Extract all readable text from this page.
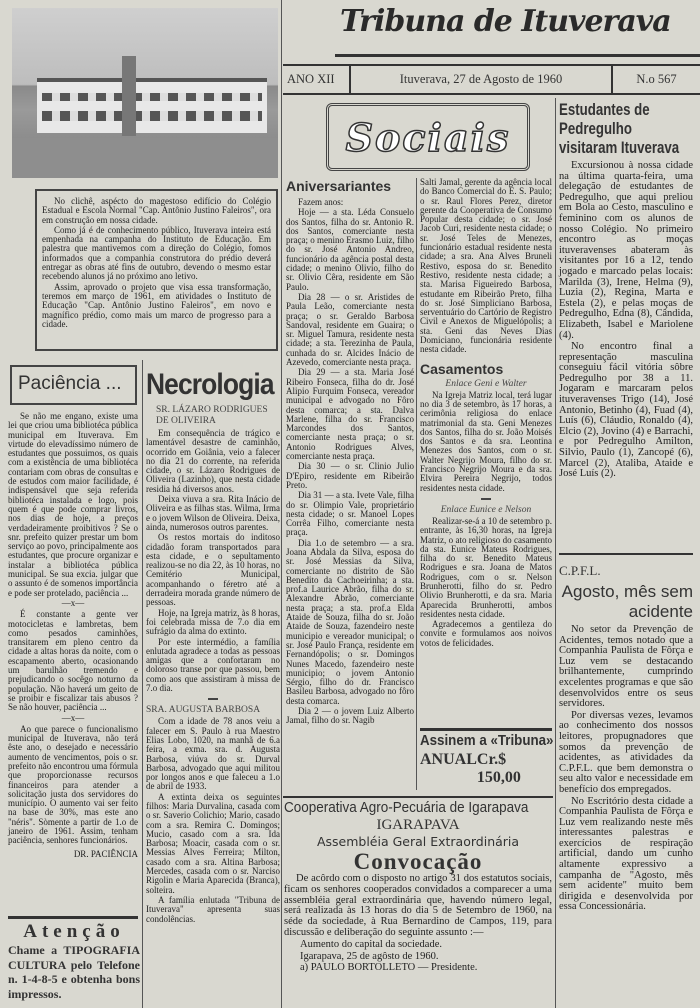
No clichê, aspécto do magestoso edifício do Colégio Estadual e Escola Normal "Cap. Antônio Justino Faleiros", ora em construção em nossa cidade.

Como já é de conhecimento público, Ituverava inteira está empenhada na campanha do Instituto de Educação. Em palestra que mantivemos com a direção do Colégio, fomos informados que a companhia construtora do prédio deverá entregar as obras até fins de outubro, devendo o mesmo estar recebendo alunos já no próximo ano letivo.

Assim, aprovado o projeto que visa essa transformação, teremos em março de 1961, em atividades o Instituto de Educação "Cap. Antônio Justino Faleiros", em novo e magnífico prédio, como mais um marco de progresso para a cidade.

Paciência ...

Se não me engano, existe uma lei que criou uma bibliotéca pública municipal em Ituverava. Em virtude do elevadíssimo número de estudantes que possuimos, os quais com a existência de uma bibliotéca contariam com obras de consultas e de estudos com maior facilidade, é indispensável que seja referida bibliotéca instalada e logo, pois quem é que pode comprar livros, nos dias de hoje, a preços verdadeiramente proibitivos ? Se o snr. prefeito quizer prestar um bom serviço ao povo, principalmente aos estudantes, que procure organizar e instalar a bibliotéca pública municipal. Se sua excia. julgar que o assunto é de somenos importância e pode ser protelado, paciência ...

—x—

É constante a gente ver motocicletas e lambretas, bem como pesados caminhões, transitarem em pleno centro da cidade a altas horas da noite, com o escapamento aberto, ocasionando um barulhão tremendo e prejudicando o socêgo noturno da população. Não haverá um geito de se proibir e fiscalizar tais abusos ? Se não houver, paciência ...

—x—

Ao que parece o funcionalismo municipal de Ituverava, não terá êste ano, o desejado e necessário aumento de vencimentos, pois o sr. prefeito não encontrou uma fórmula que proporcionasse recursos financeiros para atender a solicitação justa dos servidores do município. O aumento vai ser feito na base de 30%, mas este ano "néris". Sòmente a partir de 1.o de janeiro de 1961. Assim, tenham paciência, senhores funcionários.

DR. PACIÊNCIA

Atenção
Chame a TIPOGRAFIA CULTURA pelo Telefone n. 1-4-8-5 e obtenha bons impressos.
Necrologia
SR. LÁZARO RODRIGUES DE OLIVEIRA

Em consequência de trágico e lamentável desastre de caminhão, ocorrido em Goiânia, veio a falecer no dia 21 do corrente, na referida cidade, o sr. Lázaro Rodrigues de Oliveira (Lazinho), que nesta cidade residia há diversos anos.

Deixa viuva a sra. Rita Inácio de Oliveira e as filhas stas. Wilma, Irma e o jovem Wilson de Oliveira. Deixa, ainda, numerosos outros parentes.

Os restos mortais do inditoso cidadão foram transportados para esta cidade, e o sepultamento realizou-se no dia 22, às 10 horas, no Cemitério Municipal, acompanhando o féretro até a derradeira morada grande número de pessoas.

Hoje, na Igreja matriz, às 8 horas, foi celebrada missa de 7.o dia em sufrágio da alma do extinto.

Por este intermédio, a família enlutada agradece a todas as pessoas amigas que a confortaram no doloroso transe por que passou, bem como aos que assistiram à missa de 7.o dia.

SRA. AUGUSTA BARBOSA

Com a idade de 78 anos veiu a falecer em S. Paulo à rua Maestro Elias Lobo, 1020, na manhã de 6.a feira, a exma. sra. d. Augusta Barbosa, viúva do sr. Durval Barbosa, advogado que aqui militou por longos anos e que faleceu a 1.o de abril de 1933.

A extinta deixa os seguintes filhos: Maria Durvalina, casada com o sr. Saverio Colichio; Mario, casado com a sra. Remira C. Domingos; Mucio, casado com a sra. Ida Barbosa; Moacir, casada com o sr. Messias Alves Ferreira; Milton, casado com a sra. Altina Barbosa; Mercedes, casada com o sr. Narciso Rigolin e Maria Aparecida (Branca), solteira.

A família enlutada "Tribuna de Ituverava" apresenta suas condolências.

Tribuna de Ituverava
ANO XII	Ituverava, 27 de Agosto de 1960	N.o 567
Sociais
Aniversariantes

Fazem anos:

Hoje — a sta. Léda Consuelo dos Santos, filha do sr. Antonio R. dos Santos, comerciante nesta praça; o menino Erasmo Luiz, filho do sr. José Antonio Andreo, funcionário da agência postal desta cidade; o menino Olivio, filho do sr. Olivio Cêra, residente em São Paulo.

Dia 28 — o sr. Aristides de Paula Leão, comerciante nesta praça; o sr. Geraldo Barbosa Sandoval, residente em Guaira; o sr. Miguel Tamura, residente nesta cidade; a sta. Terezinha de Paula, cunhada do sr. Alcides Inácio de Azevedo, comerciante nesta praça.

Dia 29 — a sta. Maria José Ribeiro Fonseca, filha do dr. José Alipio Furquim Fonseca, vereador municipal e advogado no Fôro desta comarca; a sta. Dalva Marlene, filha do sr. Francisco Marcondes dos Santos, comerciante nesta praça; o sr. Antonio Rodrigues Alves, comerciante nesta praça.

Dia 30 — o sr. Clinio Julio D'Epiro, residente em Ribeirão Preto.

Dia 31 — a sta. Ivete Vale, filha do sr. Olimpio Vale, proprietário nesta cidade; o sr. Manoel Lopes Corrêa Filho, comerciante nesta praça.

Dia 1.o de setembro — a sra. Joana Abdala da Silva, esposa do sr. José Messias da Silva, comerciante no distrito de São Benedito da Cachoeirinha; a sta. prof.a Laurice Abrão, filha do sr. Alexandre Abrão, comerciante nesta praça; a sta. prof.a Elda Ataide de Souza, filha do sr. João Ataide de Souza, fazendeiro neste municipio e vereador municipal; o sr. José Paulo França, residente em Fernandópolis; o sr. Domingos Nunes Macedo, fazendeiro neste municipio; o jovem Antonio Sérgio, filho do dr. Francisco Basileu Barbosa, advogado no fôro desta comarca.

Dia 2 — o jovem Luiz Alberto Jamal, filho do sr. Nagib

Salti Jamal, gerente da agência local do Banco Comercial do E. S. Paulo; o sr. Raul Flores Perez, diretor gerente da Cooperativa de Consumo Popular desta cidade; o sr. José Jacob Curi, residente nesta cidade; o sr. José Teles de Menezes, funcionário estadual residente nesta cidade; a sra. Ana Alves Bruneli Restivo, esposa do sr. Benedito Restivo, residente nesta cidade; a sta. Marisa Figueiredo Barbosa, estudante em Ribeirão Preto, filha do sr. José Simpliciano Barbosa, serventuário do Cartório de Registro Civil e Anexos de Miguelópolis; a sta. Geni das Neves Dias Domiciano, funcionária residente nesta cidade.

Casamentos
Enlace Geni e Walter

Na Igreja Matriz local, terá lugar no dia 3 de setembro, às 17 horas, a cerimônia religiosa do enlace matrimonial da sta. Geni Menezes dos Santos, filha do sr. João Moisés dos Santos e da sra. Leontina Menezes dos Santos, com o sr. Walter Negrijo Moura, filho do sr. Francisco Negrijo Moura e da sra. Elvira Pereira Negrijo, todos residentes nesta cidade.

Enlace Eunice e Nelson

Realizar-se-á a 10 de setembro p. entrante, às 16,30 horas, na Igreja Matriz, o ato religioso do casamento da sta. Eunice Mateus Rodrigues, filha do sr. Benedito Mateus Rodrigues e sra. Joana de Matos Rodrigues, com o sr. Nelson Brunherotti, filho do sr. Pedro Olivio Brunherotti, e da sra. Maria Aparecida Brunherotti, ambos residentes nesta cidade.

Agradecemos a gentileza do convite e formulamos aos noivos votos de felicidades.

Assinem a «Tribuna»
ANUAL Cr.$ 150,00
Cooperativa Agro-Pecuária de Igarapava
IGARAPAVA
Assembléia Geral Extraordinária
Convocação

De acôrdo com o disposto no artigo 31 dos estatutos sociais, ficam os senhores cooperados convidados a comparecer a uma assembléia geral extraordinária que, havendo número legal, será realizada às 13 horas do dia 5 de Setembro de 1960, na séde da sociedade, à Rua Bernardino de Campos, 119, para discussão e deliberação do seguinte assunto :—

Aumento do capital da sociedade.

Igarapava, 25 de agôsto de 1960.

a) PAULO BORTOLLETO — Presidente.

Estudantes de Pedregulho visitaram Ituverava

Excursionou à nossa cidade na última quarta-feira, uma delegação de estudantes de Pedregulho, que aqui preliou em Bola ao Cesto, masculino e feminino com os alunos de nosso Colégio. No primeiro encontro as moças ituveravenses abateram às visitantes por 16 a 12, tendo jogado e marcado pelas locais: Marilda (3), Irene, Helma (9), Luzia (2), Regina, Marta e Estela (2), e pelas moças de Pedregulho, Edna (8), Cândida, Elizabeth, Isabel e Mariolene (4).

No encontro final a representação masculina conseguiu fácil vitória sôbre Pedregulho por 38 a 11. Jogaram e marcaram pelos ituveravenses Trigo (14), José Antonio, Betinho (4), Fuad (4), Luís (6), Cláudio, Ronaldo (4), Elcio (2), Jovino (4) e Barrachi, e por Pedregulho Amilton, Silvio, Paulo (1), Zancopé (6), Marcel (2), Ataliba, Ataide e José Luís (2).

C.P.F.L.
Agosto, mês sem acidente

No setor da Prevenção de Acidentes, temos notado que a Companhia Paulista de Fôrça e Luz vem se destacando brilhantemente, cumprindo excelentes programas e que são desenvolvidos entre os seus servidores.

Por diversas vezes, levamos ao conhecimento dos nossos leitores, propugnadores que somos da prevenção de acidentes, as atividades da C.P.F.L. que bem demonstra o seu alto valor e necessidade em benefício dos empregados.

No Escritório desta cidade a Companhia Paulista de Fôrça e Luz vem realizando neste mês interessantes palestras e exercícios de respiração artificial, dando um cunho altamente expressivo a campanha de "Agosto, mês sem acidente" muito bem dirigida e desenvolvida por essa Concessionária.
